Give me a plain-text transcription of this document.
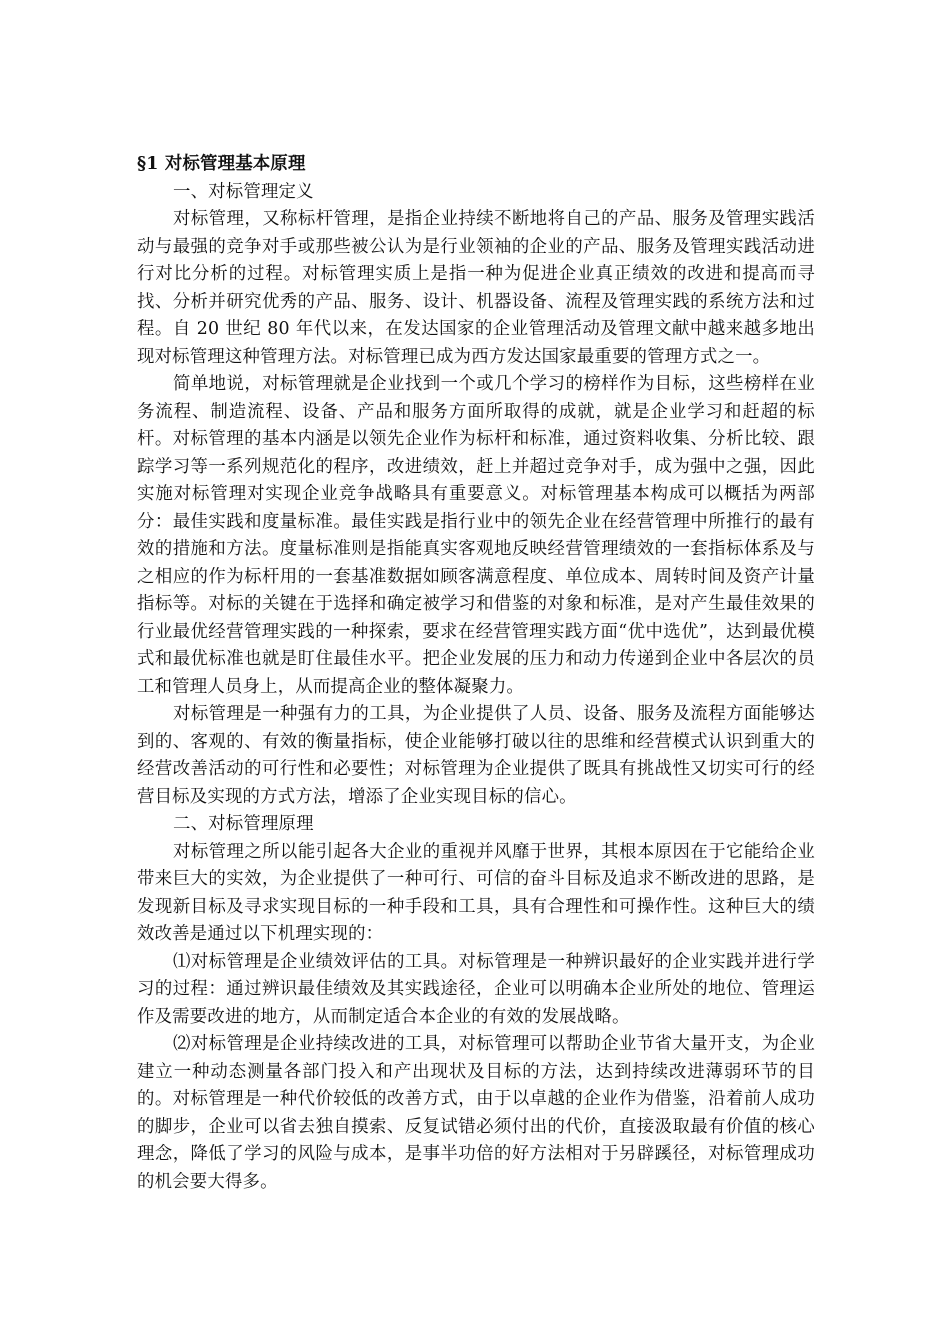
§1 对标管理基本原理

一、对标管理定义

对标管理，又称标杆管理，是指企业持续不断地将自己的产品、服务及管理实践活动与最强的竞争对手或那些被公认为是行业领袖的企业的产品、服务及管理实践活动进行对比分析的过程。对标管理实质上是指一种为促进企业真正绩效的改进和提高而寻找、分析并研究优秀的产品、服务、设计、机器设备、流程及管理实践的系统方法和过程。自 20 世纪 80 年代以来，在发达国家的企业管理活动及管理文献中越来越多地出现对标管理这种管理方法。对标管理已成为西方发达国家最重要的管理方式之一。

简单地说，对标管理就是企业找到一个或几个学习的榜样作为目标，这些榜样在业务流程、制造流程、设备、产品和服务方面所取得的成就，就是企业学习和赶超的标杆。对标管理的基本内涵是以领先企业作为标杆和标准，通过资料收集、分析比较、跟踪学习等一系列规范化的程序，改进绩效，赶上并超过竞争对手，成为强中之强，因此实施对标管理对实现企业竞争战略具有重要意义。对标管理基本构成可以概括为两部分：最佳实践和度量标准。最佳实践是指行业中的领先企业在经营管理中所推行的最有效的措施和方法。度量标准则是指能真实客观地反映经营管理绩效的一套指标体系及与之相应的作为标杆用的一套基准数据如顾客满意程度、单位成本、周转时间及资产计量指标等。对标的关键在于选择和确定被学习和借鉴的对象和标准，是对产生最佳效果的行业最优经营管理实践的一种探索，要求在经营管理实践方面“优中选优”，达到最优模式和最优标准也就是盯住最佳水平。把企业发展的压力和动力传递到企业中各层次的员工和管理人员身上，从而提高企业的整体凝聚力。

对标管理是一种强有力的工具，为企业提供了人员、设备、服务及流程方面能够达到的、客观的、有效的衡量指标，使企业能够打破以往的思维和经营模式认识到重大的经营改善活动的可行性和必要性；对标管理为企业提供了既具有挑战性又切实可行的经营目标及实现的方式方法，增添了企业实现目标的信心。

二、对标管理原理

对标管理之所以能引起各大企业的重视并风靡于世界，其根本原因在于它能给企业带来巨大的实效，为企业提供了一种可行、可信的奋斗目标及追求不断改进的思路，是发现新目标及寻求实现目标的一种手段和工具，具有合理性和可操作性。这种巨大的绩效改善是通过以下机理实现的：

⑴对标管理是企业绩效评估的工具。对标管理是一种辨识最好的企业实践并进行学习的过程：通过辨识最佳绩效及其实践途径，企业可以明确本企业所处的地位、管理运作及需要改进的地方，从而制定适合本企业的有效的发展战略。

⑵对标管理是企业持续改进的工具，对标管理可以帮助企业节省大量开支，为企业建立一种动态测量各部门投入和产出现状及目标的方法，达到持续改进薄弱环节的目的。对标管理是一种代价较低的改善方式，由于以卓越的企业作为借鉴，沿着前人成功的脚步，企业可以省去独自摸索、反复试错必须付出的代价，直接汲取最有价值的核心理念，降低了学习的风险与成本，是事半功倍的好方法相对于另辟蹊径，对标管理成功的机会要大得多。
